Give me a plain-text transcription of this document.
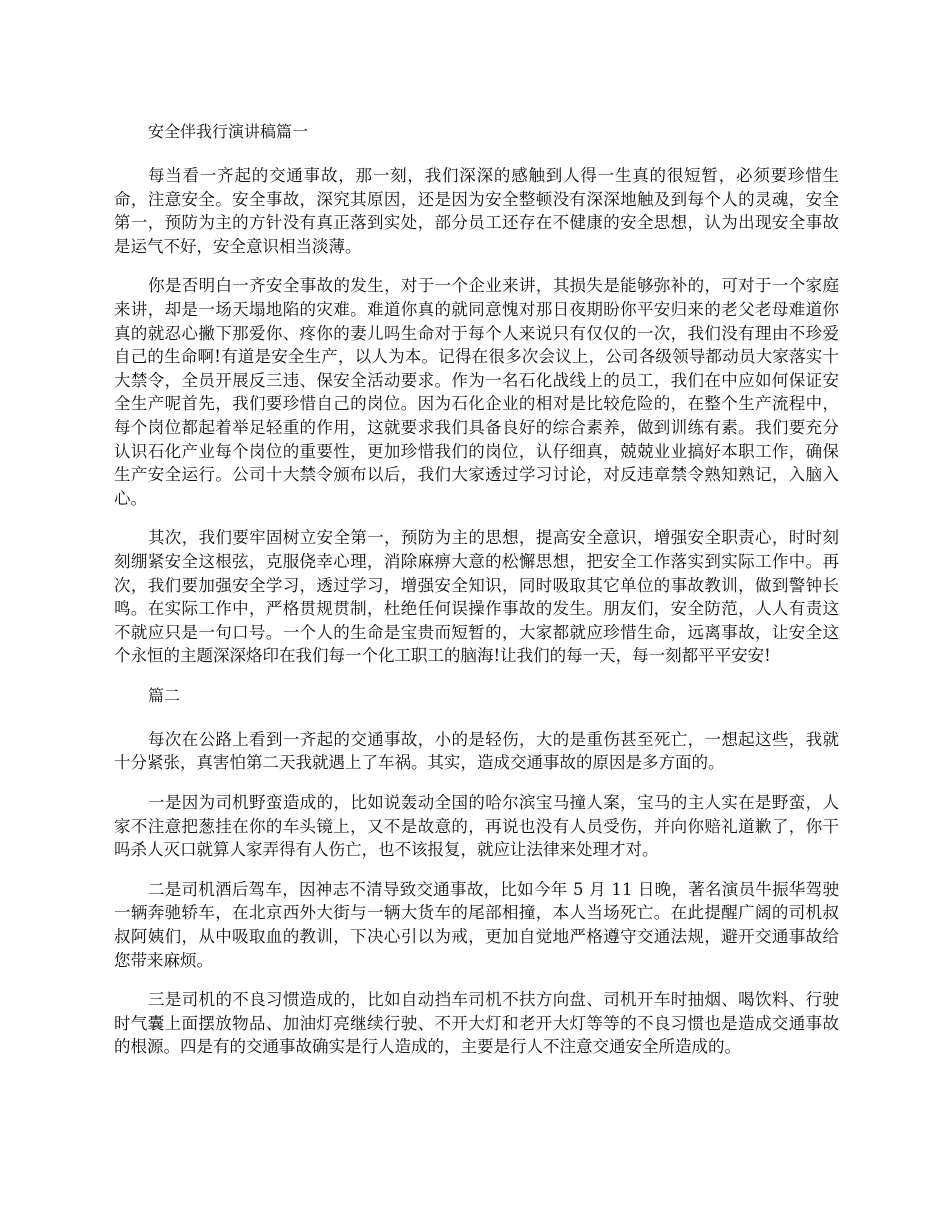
安全伴我行演讲稿篇一

每当看一齐起的交通事故，那一刻，我们深深的感触到人得一生真的很短暂，必须要珍惜生命，注意安全。安全事故，深究其原因，还是因为安全整顿没有深深地触及到每个人的灵魂，安全第一，预防为主的方针没有真正落到实处，部分员工还存在不健康的安全思想，认为出现安全事故是运气不好，安全意识相当淡薄。

你是否明白一齐安全事故的发生，对于一个企业来讲，其损失是能够弥补的，可对于一个家庭来讲，却是一场天塌地陷的灾难。难道你真的就同意愧对那日夜期盼你平安归来的老父老母难道你真的就忍心撇下那爱你、疼你的妻儿吗生命对于每个人来说只有仅仅的一次，我们没有理由不珍爱自己的生命啊!有道是安全生产，以人为本。记得在很多次会议上，公司各级领导都动员大家落实十大禁令，全员开展反三违、保安全活动要求。作为一名石化战线上的员工，我们在中应如何保证安全生产呢首先，我们要珍惜自己的岗位。因为石化企业的相对是比较危险的，在整个生产流程中，每个岗位都起着举足轻重的作用，这就要求我们具备良好的综合素养，做到训练有素。我们要充分认识石化产业每个岗位的重要性，更加珍惜我们的岗位，认仔细真，兢兢业业搞好本职工作，确保生产安全运行。公司十大禁令颁布以后，我们大家透过学习讨论，对反违章禁令熟知熟记，入脑入心。

其次，我们要牢固树立安全第一，预防为主的思想，提高安全意识，增强安全职责心，时时刻刻绷紧安全这根弦，克服侥幸心理，消除麻痹大意的松懈思想，把安全工作落实到实际工作中。再次，我们要加强安全学习，透过学习，增强安全知识，同时吸取其它单位的事故教训，做到警钟长鸣。在实际工作中，严格贯规贯制，杜绝任何误操作事故的发生。朋友们，安全防范，人人有责这不就应只是一句口号。一个人的生命是宝贵而短暂的，大家都就应珍惜生命，远离事故，让安全这个永恒的主题深深烙印在我们每一个化工职工的脑海!让我们的每一天，每一刻都平平安安!

篇二

每次在公路上看到一齐起的交通事故，小的是轻伤，大的是重伤甚至死亡，一想起这些，我就十分紧张，真害怕第二天我就遇上了车祸。其实，造成交通事故的原因是多方面的。

一是因为司机野蛮造成的，比如说轰动全国的哈尔滨宝马撞人案，宝马的主人实在是野蛮，人家不注意把葱挂在你的车头镜上，又不是故意的，再说也没有人员受伤，并向你赔礼道歉了，你干吗杀人灭口就算人家弄得有人伤亡，也不该报复，就应让法律来处理才对。

二是司机酒后驾车，因神志不清导致交通事故，比如今年 5 月 11 日晚，著名演员牛振华驾驶一辆奔驰轿车，在北京西外大街与一辆大货车的尾部相撞，本人当场死亡。在此提醒广阔的司机叔叔阿姨们，从中吸取血的教训，下决心引以为戒，更加自觉地严格遵守交通法规，避开交通事故给您带来麻烦。

三是司机的不良习惯造成的，比如自动挡车司机不扶方向盘、司机开车时抽烟、喝饮料、行驶时气囊上面摆放物品、加油灯亮继续行驶、不开大灯和老开大灯等等的不良习惯也是造成交通事故的根源。四是有的交通事故确实是行人造成的，主要是行人不注意交通安全所造成的。
